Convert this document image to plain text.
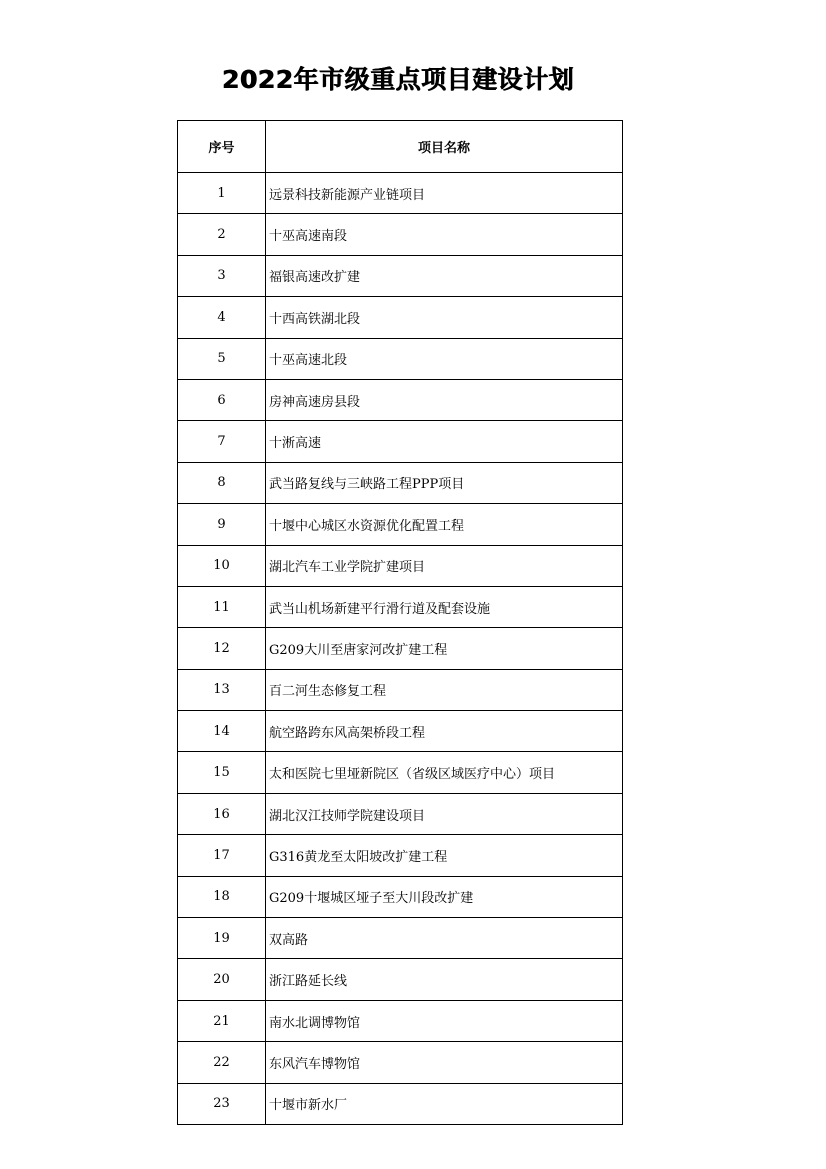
2022年市级重点项目建设计划
序号	项目名称
1	远景科技新能源产业链项目
2	十巫高速南段
3	福银高速改扩建
4	十西高铁湖北段
5	十巫高速北段
6	房神高速房县段
7	十淅高速
8	武当路复线与三峡路工程PPP项目
9	十堰中心城区水资源优化配置工程
10	湖北汽车工业学院扩建项目
11	武当山机场新建平行滑行道及配套设施
12	G209大川至唐家河改扩建工程
13	百二河生态修复工程
14	航空路跨东风高架桥段工程
15	太和医院七里垭新院区（省级区域医疗中心）项目
16	湖北汉江技师学院建设项目
17	G316黄龙至太阳坡改扩建工程
18	G209十堰城区垭子至大川段改扩建
19	双高路
20	浙江路延长线
21	南水北调博物馆
22	东风汽车博物馆
23	十堰市新水厂
